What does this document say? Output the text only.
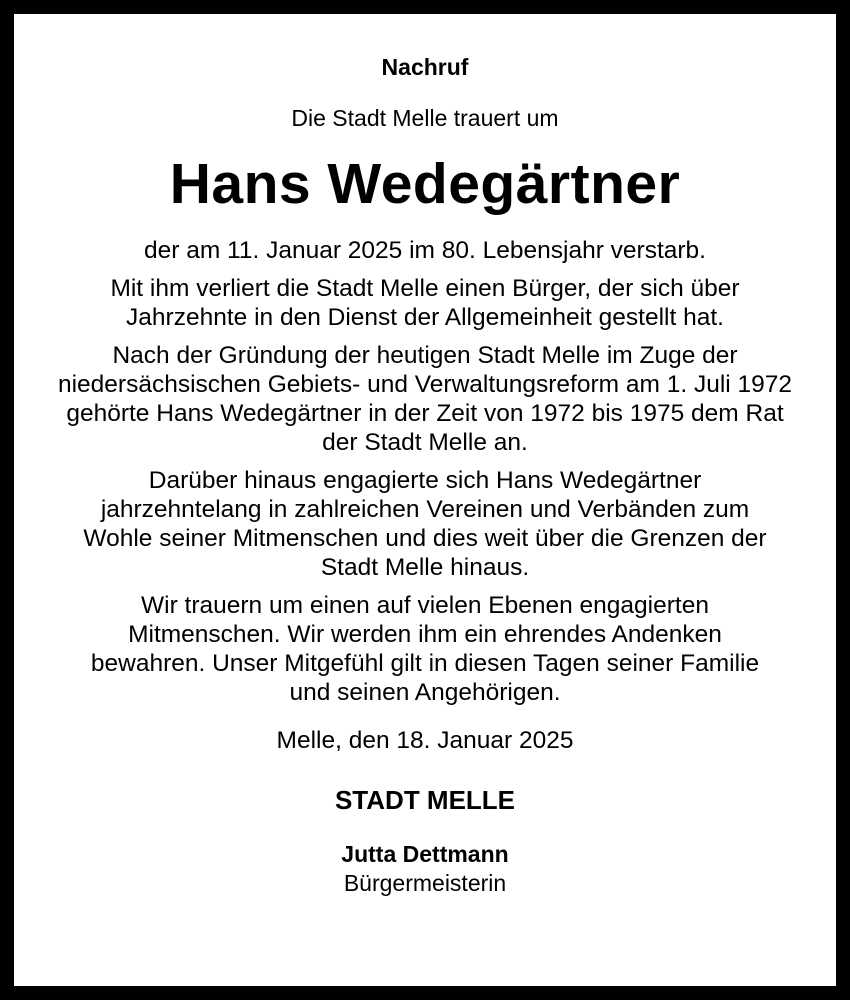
Nachruf
Die Stadt Melle trauert um
Hans Wedegärtner
der am 11. Januar 2025 im 80. Lebensjahr verstarb.
Mit ihm verliert die Stadt Melle einen Bürger, der sich über Jahrzehnte in den Dienst der Allgemeinheit gestellt hat.
Nach der Gründung der heutigen Stadt Melle im Zuge der niedersächsischen Gebiets- und Verwaltungsreform am 1. Juli 1972 gehörte Hans Wedegärtner in der Zeit von 1972 bis 1975 dem Rat der Stadt Melle an.
Darüber hinaus engagierte sich Hans Wedegärtner jahrzehntelang in zahlreichen Vereinen und Verbänden zum Wohle seiner Mitmenschen und dies weit über die Grenzen der Stadt Melle hinaus.
Wir trauern um einen auf vielen Ebenen engagierten Mitmenschen. Wir werden ihm ein ehrendes Andenken bewahren. Unser Mitgefühl gilt in diesen Tagen seiner Familie und seinen Angehörigen.
Melle, den 18. Januar 2025
STADT MELLE
Jutta Dettmann
Bürgermeisterin
